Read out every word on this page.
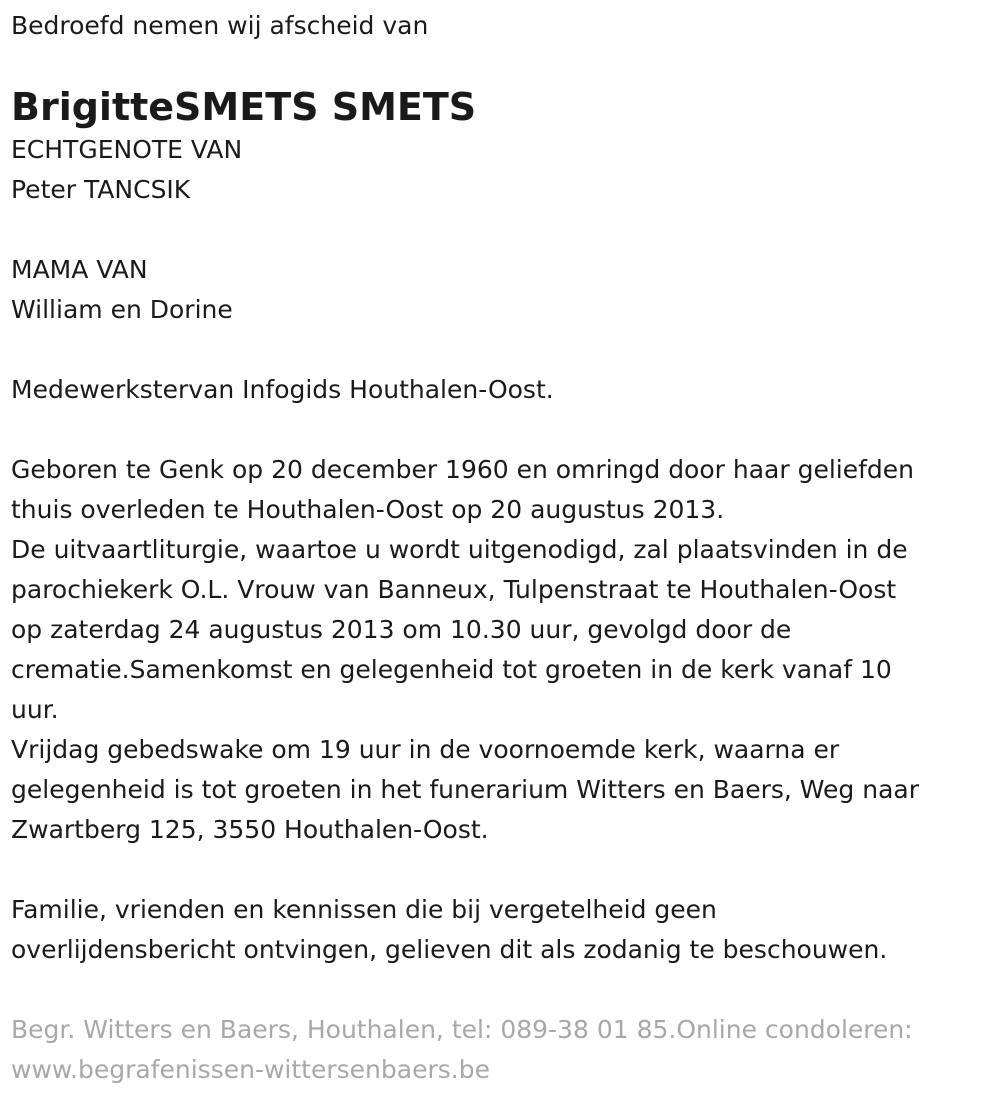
Bedroefd nemen wij afscheid van
BrigitteSMETS SMETS
ECHTGENOTE VAN
Peter TANCSIK
MAMA VAN
William en Dorine
Medewerkstervan Infogids Houthalen-Oost.
Geboren te Genk op 20 december 1960 en omringd door haar geliefden
thuis overleden te Houthalen-Oost op 20 augustus 2013.
De uitvaartliturgie, waartoe u wordt uitgenodigd, zal plaatsvinden in de
parochiekerk O.L. Vrouw van Banneux, Tulpenstraat te Houthalen-Oost
op zaterdag 24 augustus 2013 om 10.30 uur, gevolgd door de
crematie.Samenkomst en gelegenheid tot groeten in de kerk vanaf 10
uur.
Vrijdag gebedswake om 19 uur in de voornoemde kerk, waarna er
gelegenheid is tot groeten in het funerarium Witters en Baers, Weg naar
Zwartberg 125, 3550 Houthalen-Oost.
Familie, vrienden en kennissen die bij vergetelheid geen
overlijdensbericht ontvingen, gelieven dit als zodanig te beschouwen.
Begr. Witters en Baers, Houthalen, tel: 089-38 01 85.Online condoleren:
www.begrafenissen-wittersenbaers.be
